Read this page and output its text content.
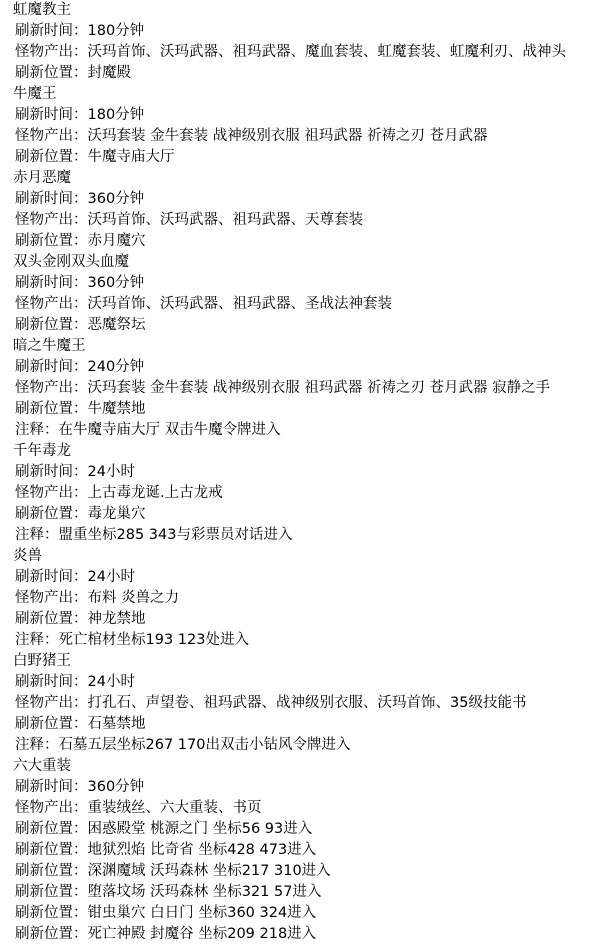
虹魔教主
刷新时间：180分钟
怪物产出：沃玛首饰、沃玛武器、祖玛武器、魔血套装、虹魔套装、虹魔利刃、战神头
刷新位置：封魔殿
牛魔王
刷新时间：180分钟
怪物产出：沃玛套装 金牛套装 战神级别衣服 祖玛武器 祈祷之刃 苍月武器
刷新位置：牛魔寺庙大厅
赤月恶魔
刷新时间：360分钟
怪物产出：沃玛首饰、沃玛武器、祖玛武器、天尊套装
刷新位置：赤月魔穴
双头金刚双头血魔
刷新时间：360分钟
怪物产出：沃玛首饰、沃玛武器、祖玛武器、圣战法神套装
刷新位置：恶魔祭坛
暗之牛魔王
刷新时间：240分钟
怪物产出：沃玛套装 金牛套装 战神级别衣服 祖玛武器 祈祷之刃 苍月武器 寂静之手
刷新位置：牛魔禁地
注释：在牛魔寺庙大厅 双击牛魔令牌进入
千年毒龙
刷新时间：24小时
怪物产出：上古毒龙诞.上古龙戒
刷新位置：毒龙巢穴
注释：盟重坐标285 343与彩票员对话进入
炎兽
刷新时间：24小时
怪物产出：布料 炎兽之力
刷新位置：神龙禁地
注释：死亡棺材坐标193 123处进入
白野猪王
刷新时间：24小时
怪物产出：打孔石、声望卷、祖玛武器、战神级别衣服、沃玛首饰、35级技能书
刷新位置：石墓禁地
注释：石墓五层坐标267 170出双击小钻风令牌进入
六大重装
刷新时间：360分钟
怪物产出：重装绒丝、六大重装、书页
刷新位置：困惑殿堂 桃源之门 坐标56 93进入
刷新位置：地狱烈焰 比奇省 坐标428 473进入
刷新位置：深渊魔域 沃玛森林 坐标217 310进入
刷新位置：堕落坟场 沃玛森林 坐标321 57进入
刷新位置：钳虫巢穴 白日门 坐标360 324进入
刷新位置：死亡神殿 封魔谷 坐标209 218进入
